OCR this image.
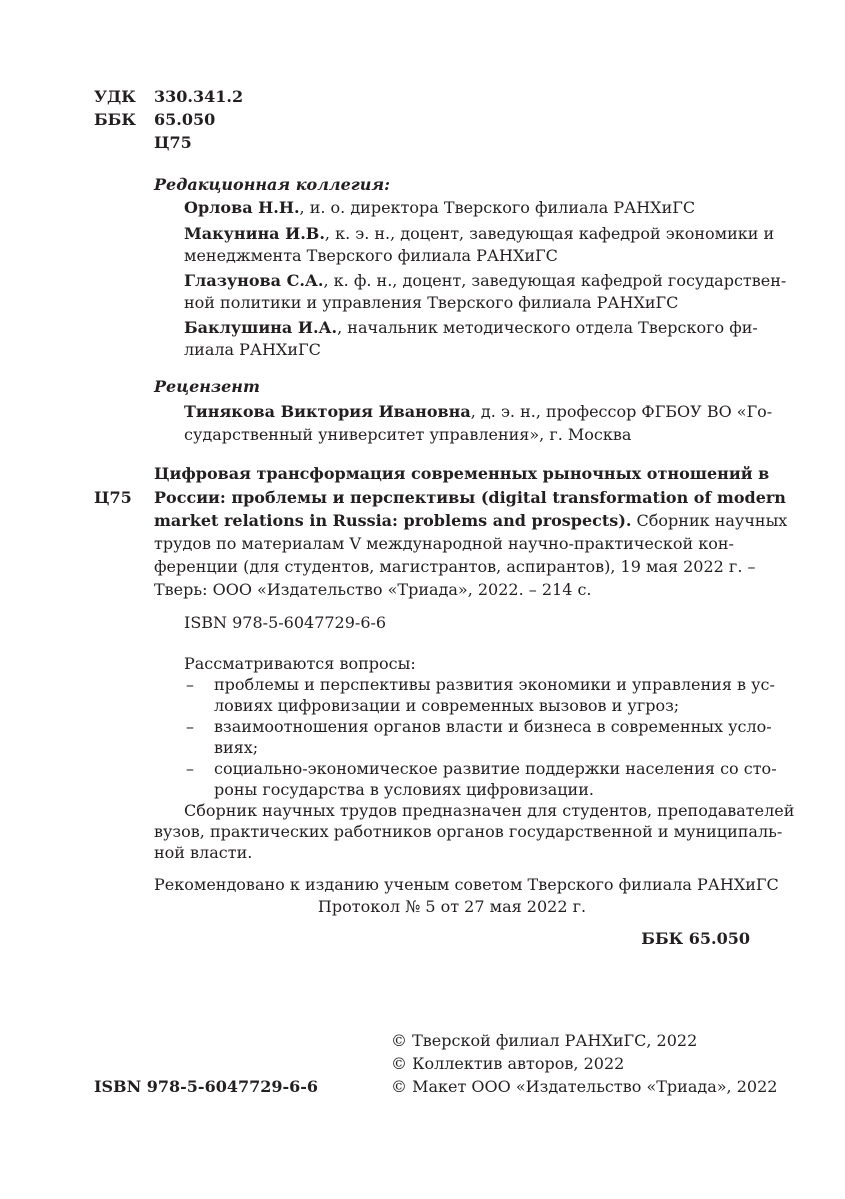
УДК 330.341.2
ББК 65.050
Ц75
Редакционная коллегия:
Орлова Н.Н., и. о. директора Тверского филиала РАНХиГС
Макунина И.В., к. э. н., доцент, заведующая кафедрой экономики и
менеджмента Тверского филиала РАНХиГС
Глазунова С.А., к. ф. н., доцент, заведующая кафедрой государствен-
ной политики и управления Тверского филиала РАНХиГС
Баклушина И.А., начальник методического отдела Тверского фи-
лиала РАНХиГС
Рецензент
Тинякова Виктория Ивановна, д. э. н., профессор ФГБОУ ВО «Го-
сударственный университет управления», г. Москва
Ц75
Цифровая трансформация современных рыночных отношений в
России: проблемы и перспективы (digital transformation of modern
market relations in Russia: problems and prospects). Сборник научных
трудов по материалам V международной научно-практической кон-
ференции (для студентов, магистрантов, аспирантов), 19 мая 2022 г. –
Тверь: ООО «Издательство «Триада», 2022. – 214 с.
ISBN 978-5-6047729-6-6
Рассматриваются вопросы:
– проблемы и перспективы развития экономики и управления в ус-
ловиях цифровизации и современных вызовов и угроз;
– взаимоотношения органов власти и бизнеса в современных усло-
виях;
– социально-экономическое развитие поддержки населения со сто-
роны государства в условиях цифровизации.
Сборник научных трудов предназначен для студентов, преподавателей
вузов, практических работников органов государственной и муниципаль-
ной власти.
Рекомендовано к изданию ученым советом Тверского филиала РАНХиГС
Протокол № 5 от 27 мая 2022 г.
ББК 65.050
© Тверской филиал РАНХиГС, 2022
© Коллектив авторов, 2022
© Макет ООО «Издательство «Триада», 2022
ISBN 978-5-6047729-6-6
